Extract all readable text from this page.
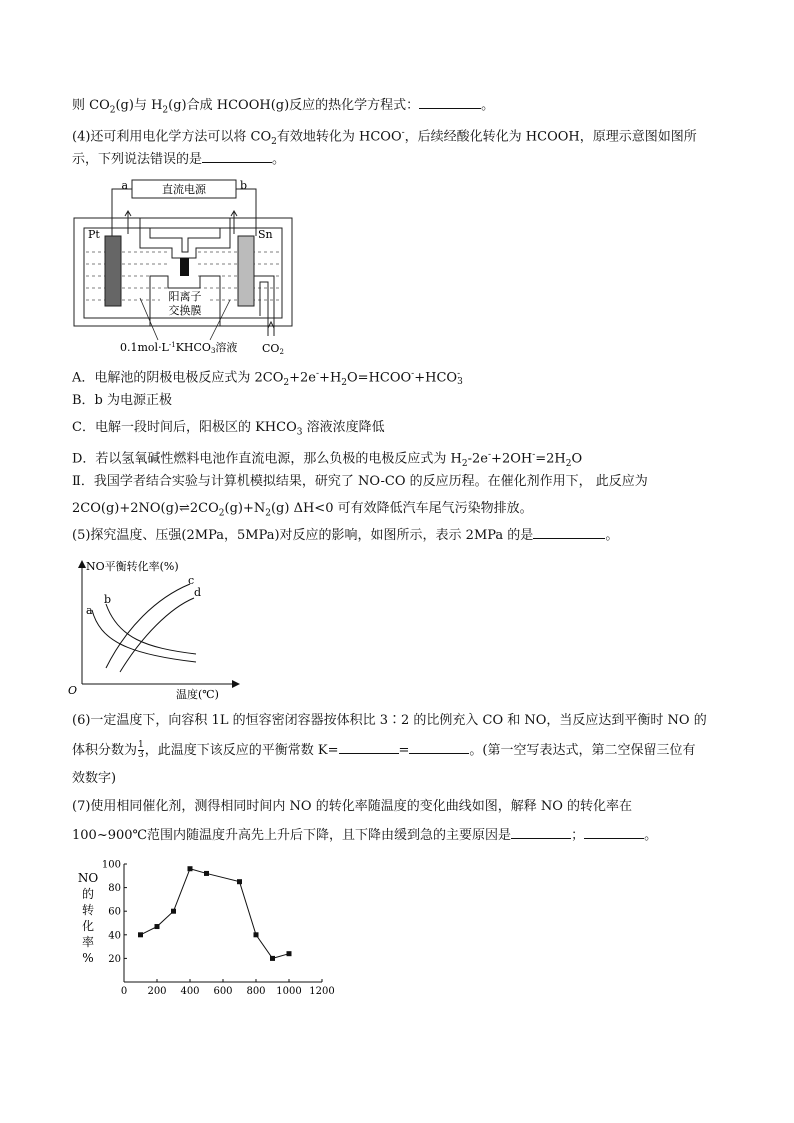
则 $CO_2(g)$与 $H_2(g)$合成 HCOOH(g)反应的热化学方程式：	。
(4)还可利用电化学方法可以将 $CO_2$有效地转化为 HCOO-，后续经酸化转化为 HCOOH，原理示意图如图所
示，下列说法错误的是	。
直流电源
a	b
Pt	Sn
阳离子
交换膜
$0.1mol\cdot L^{-1}KHCO3$溶液 CO2
A．电解池的阴极电极反应式为 $2CO_2+2e^-+H_2O=HCOO^-+HCO$ -
3
B．b 为电源正极
C．电解一段时间后，阳极区的 $KHCO_3$ 溶液浓度降低
D．若以氢氧碱性燃料电池作直流电源，那么负极的电极反应式为 $H_2-2e^-+2OH^-=2H_2O$
Ⅱ．我国学者结合实验与计算机模拟结果，研究了 NO-CO 的反应历程。在催化剂作用下， 此反应为
$2CO(g)+2NO(g)\rightleftharpoons 2CO_2(g)+N_2(g)$ ΔH<0 可有效降低汽车尾气污染物排放。
(5)探究温度、压强(2MPa，5MPa)对反应的影响，如图所示，表示 2MPa 的是	。
NO平衡转化率(%)
O	温度(℃)
a
b
c
d
(6)一定温度下，向容积 1L 的恒容密闭容器按体积比 3∶2 的比例充入 CO 和 NO，当反应达到平衡时 NO 的
体积分数为 $\frac{1}{3}$ ，此温度下该反应的平衡常数 K=	=	。(第一空写表达式，第二空保留三位有
效数字)
(7)使用相同催化剂，测得相同时间内 NO 的转化率随温度的变化曲线如图，解释 NO 的转化率在
100~900℃范围内随温度升高先上升后下降，且下降由缓到急的主要原因是	；	。
NO
的
转
化
率
%
0 200 400 600 800 1000 1200
20
40
60
80
100
